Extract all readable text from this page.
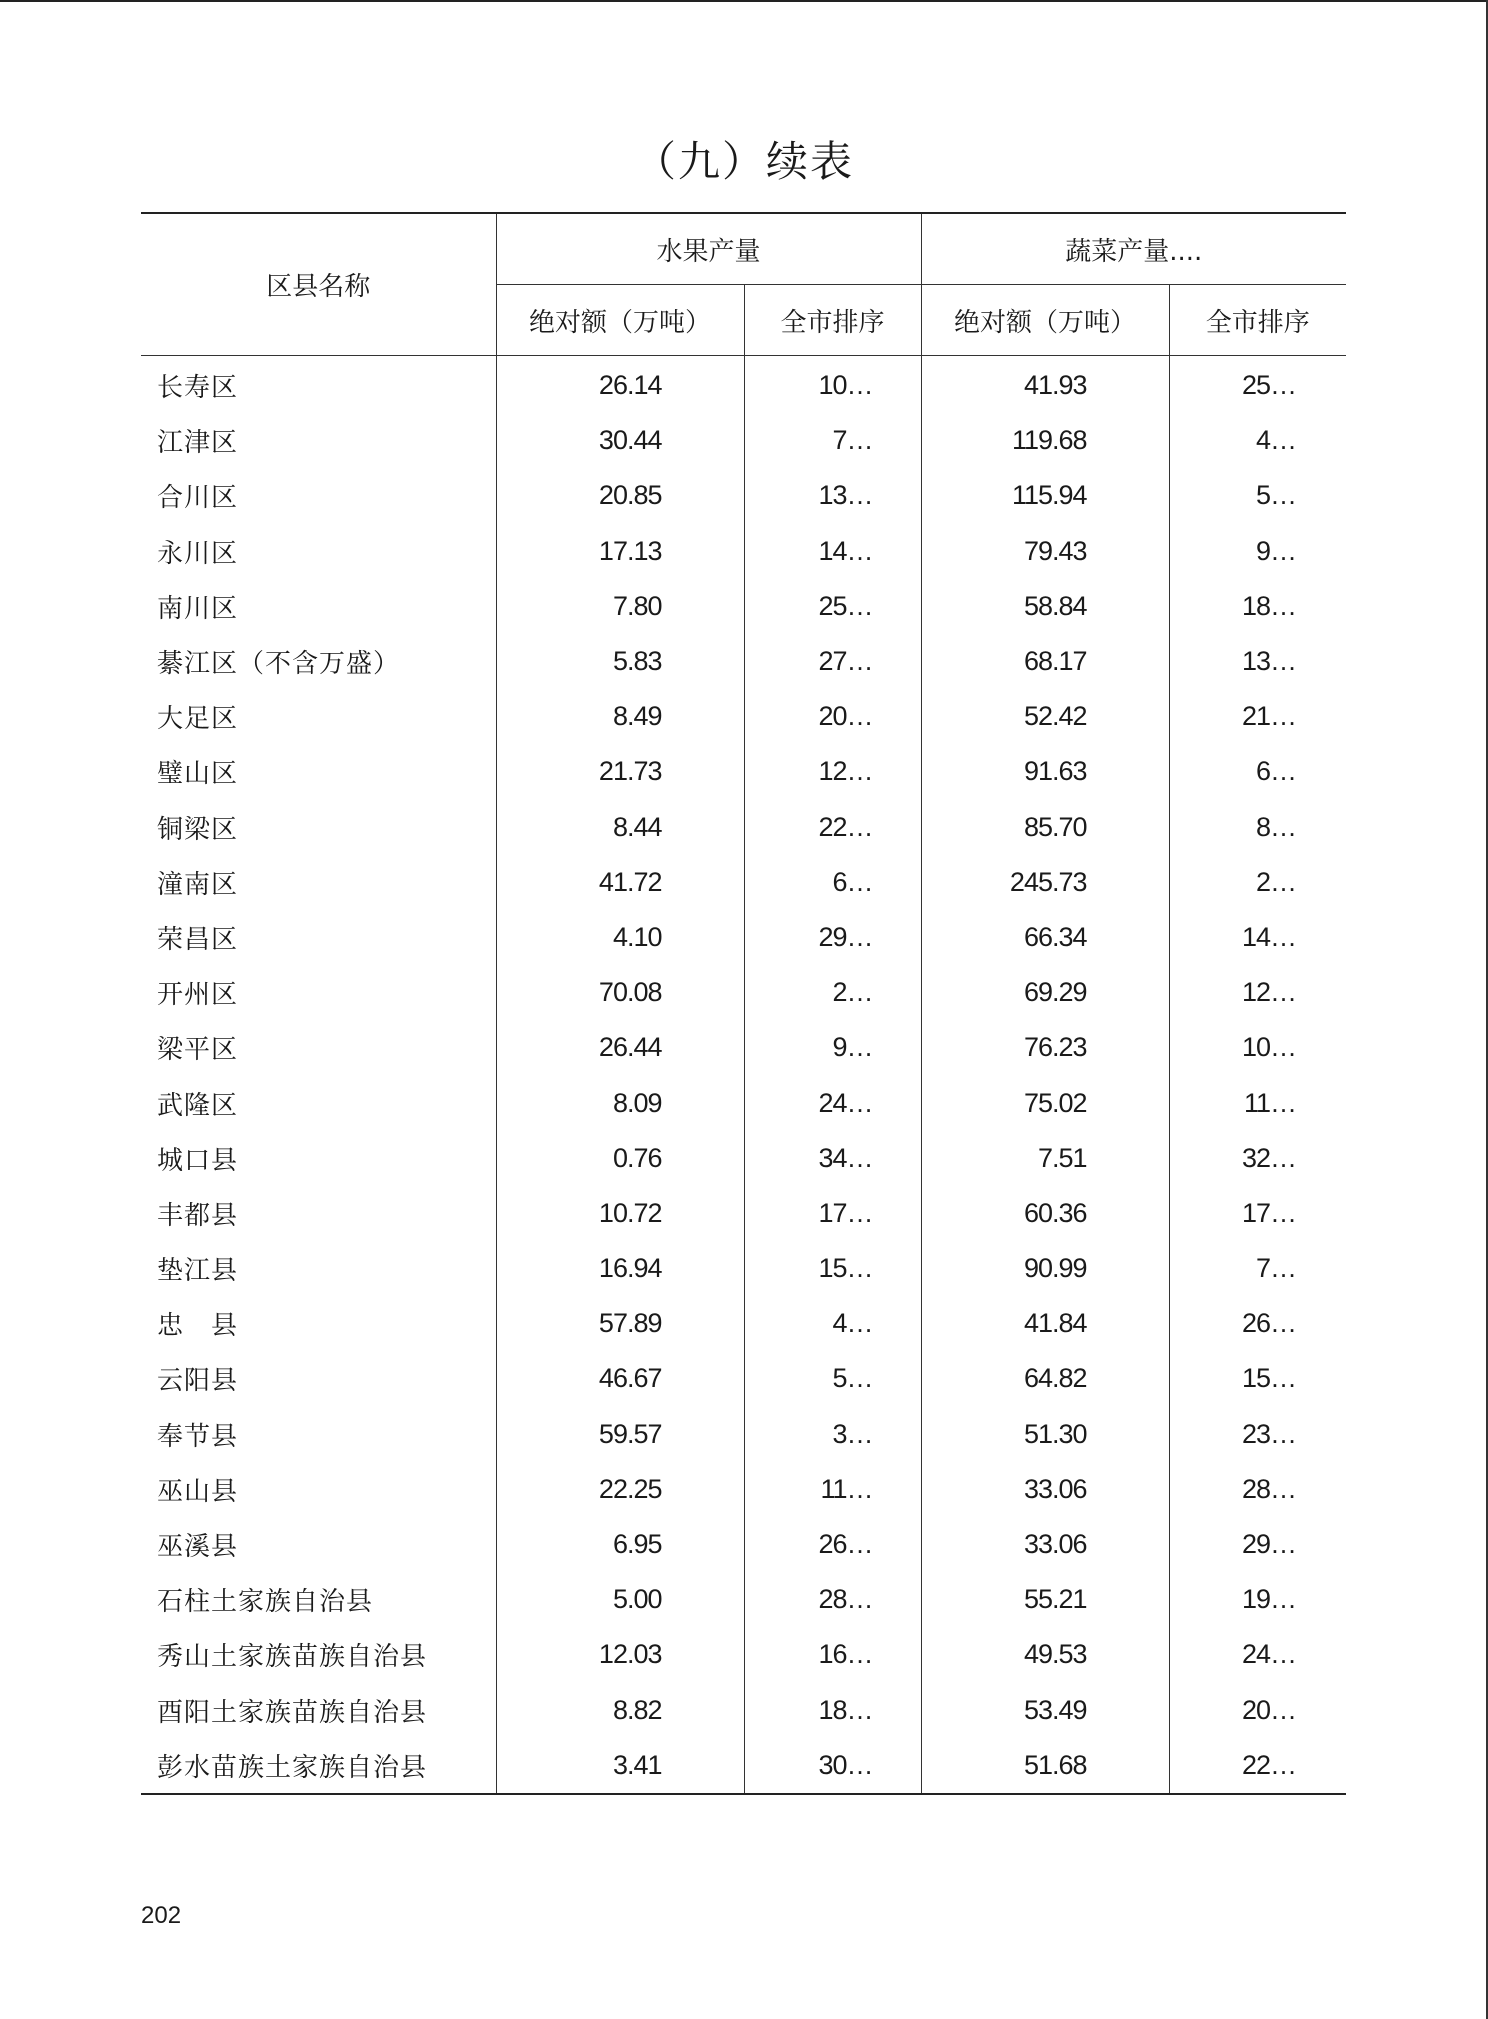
（九）续表
区县名称	水果产量		蔬菜产量....	
	绝对额（万吨）	全市排序	绝对额（万吨）	全市排序
长寿区	26.14	10…	41.93	25…
江津区	30.44	7…	119.68	4…
合川区	20.85	13…	115.94	5…
永川区	17.13	14…	79.43	9…
南川区	7.80	25…	58.84	18…
綦江区（不含万盛）	5.83	27…	68.17	13…
大足区	8.49	20…	52.42	21…
璧山区	21.73	12…	91.63	6…
铜梁区	8.44	22…	85.70	8…
潼南区	41.72	6…	245.73	2…
荣昌区	4.10	29…	66.34	14…
开州区	70.08	2…	69.29	12…
梁平区	26.44	9…	76.23	10…
武隆区	8.09	24…	75.02	11…
城口县	0.76	34…	7.51	32…
丰都县	10.72	17…	60.36	17…
垫江县	16.94	15…	90.99	7…
忠　县	57.89	4…	41.84	26…
云阳县	46.67	5…	64.82	15…
奉节县	59.57	3…	51.30	23…
巫山县	22.25	11…	33.06	28…
巫溪县	6.95	26…	33.06	29…
石柱土家族自治县	5.00	28…	55.21	19…
秀山土家族苗族自治县	12.03	16…	49.53	24…
酉阳土家族苗族自治县	8.82	18…	53.49	20…
彭水苗族土家族自治县	3.41	30…	51.68	22…
202
